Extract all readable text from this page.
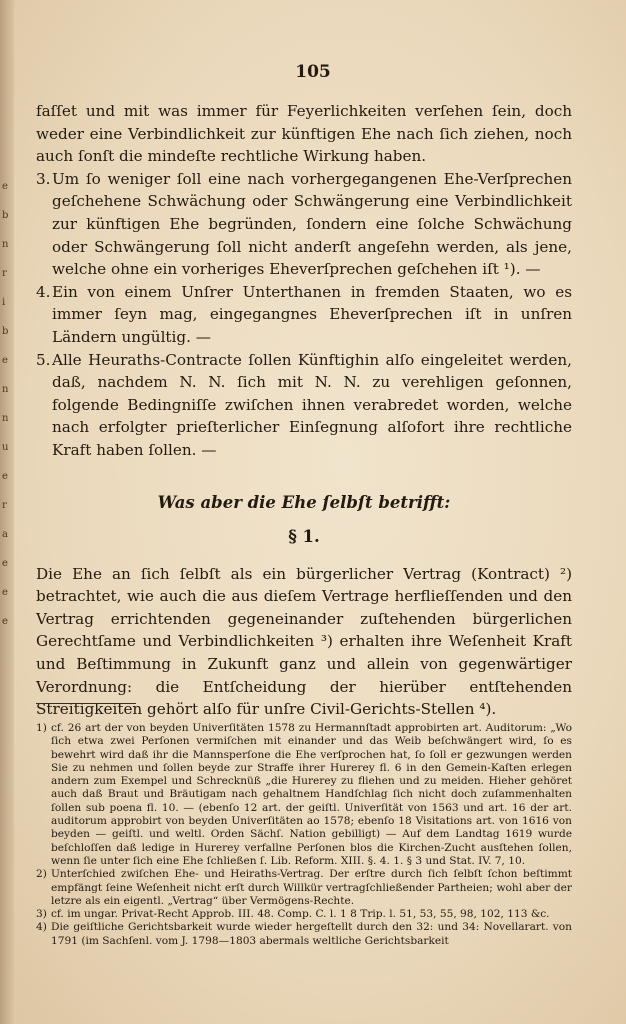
e
b
n
r
i
b
e
n
n
u
e
r
a
e
e
e
105

faſſet und mit was immer für Feyerlichkeiten verſehen ſein, doch weder eine Verbindlichkeit zur künftigen Ehe nach ſich ziehen, noch auch ſonſt die mindeſte rechtliche Wirkung haben.

3. Um ſo weniger ſoll eine nach vorhergegangenen Ehe-Verſprechen geſchehene Schwächung oder Schwängerung eine Verbindlichkeit zur künftigen Ehe begründen, ſondern eine ſolche Schwächung oder Schwängerung ſoll nicht anderſt angeſehn werden, als jene, welche ohne ein vorheriges Eheverſprechen geſchehen iſt ¹). —

4. Ein von einem Unſrer Unterthanen in fremden Staaten, wo es immer ſeyn mag, eingegangnes Eheverſprechen iſt in unſren Ländern ungültig. —

5. Alle Heuraths-Contracte ſollen Künftighin alſo eingeleitet werden, daß, nachdem N. N. ſich mit N. N. zu verehligen geſonnen, folgende Bedingniſſe zwiſchen ihnen verabredet worden, welche nach erfolgter prieſterlicher Einſegnung alſofort ihre rechtliche Kraft haben ſollen. —

Was aber die Ehe ſelbſt betrifft:

§ 1.

Die Ehe an ſich ſelbſt als ein bürgerlicher Vertrag (Kontract) ²) betrachtet, wie auch die aus dieſem Vertrage herflieſſenden und den Vertrag errichtenden gegeneinander zuſtehenden bürgerlichen Gerechtſame und Verbindlichkeiten ³) erhalten ihre Weſenheit Kraft und Beſtimmung in Zukunft ganz und allein von gegenwärtiger Verordnung: die Entſcheidung der hierüber entſtehenden Streitigkeiten gehört alſo für unſre Civil-Gerichts-Stellen ⁴).

1) cf. 26 art der von beyden Univerſitäten 1578 zu Hermannſtadt approbirten art. Auditorum: „Wo ſich etwa zwei Perſonen vermiſchen mit einander und das Weib beſchwängert wird, ſo es bewehrt wird daß ihr die Mannsperſone die Ehe verſprochen hat, ſo ſoll er gezwungen werden Sie zu nehmen und ſollen beyde zur Straffe ihrer Hurerey fl. 6 in den Gemein-Kaſten erlegen andern zum Exempel und Schrecknüß „die Hurerey zu fliehen und zu meiden. Hieher gehöret auch daß Braut und Bräutigam nach gehaltnem Handſchlag ſich nicht doch zuſammenhalten ſollen sub poena fl. 10. — (ebenſo 12 art. der geiſtl. Univerſität von 1563 und art. 16 der art. auditorum approbirt von beyden Univerſitäten ao 1578; ebenſo 18 Visitations art. von 1616 von beyden — geiſtl. und weltl. Orden Sächſ. Nation gebilligt) — Auf dem Landtag 1619 wurde beſchloſſen daß ledige in Hurerey verfallne Perſonen blos die Kirchen-Zucht ausſtehen ſollen, wenn ſie unter ſich eine Ehe ſchließen ſ. Lib. Reform. XIII. §. 4. 1. § 3 und Stat. IV. 7, 10.

2) Unterſchied zwiſchen Ehe- und Heiraths-Vertrag. Der erſtre durch ſich ſelbſt ſchon beſtimmt empfängt ſeine Weſenheit nicht erſt durch Willkür vertragſchließender Partheien; wohl aber der letzre als ein eigentl. „Vertrag“ über Vermögens-Rechte.

3) cf. im ungar. Privat-Recht Approb. III. 48. Comp. C. l. 1 8 Trip. l. 51, 53, 55, 98, 102, 113 &c.

4) Die geiſtliche Gerichtsbarkeit wurde wieder hergeſtellt durch den 32: und 34: Novellarart. von 1791 (im Sachſenl. vom J. 1798—1803 abermals weltliche Gerichtsbarkeit
